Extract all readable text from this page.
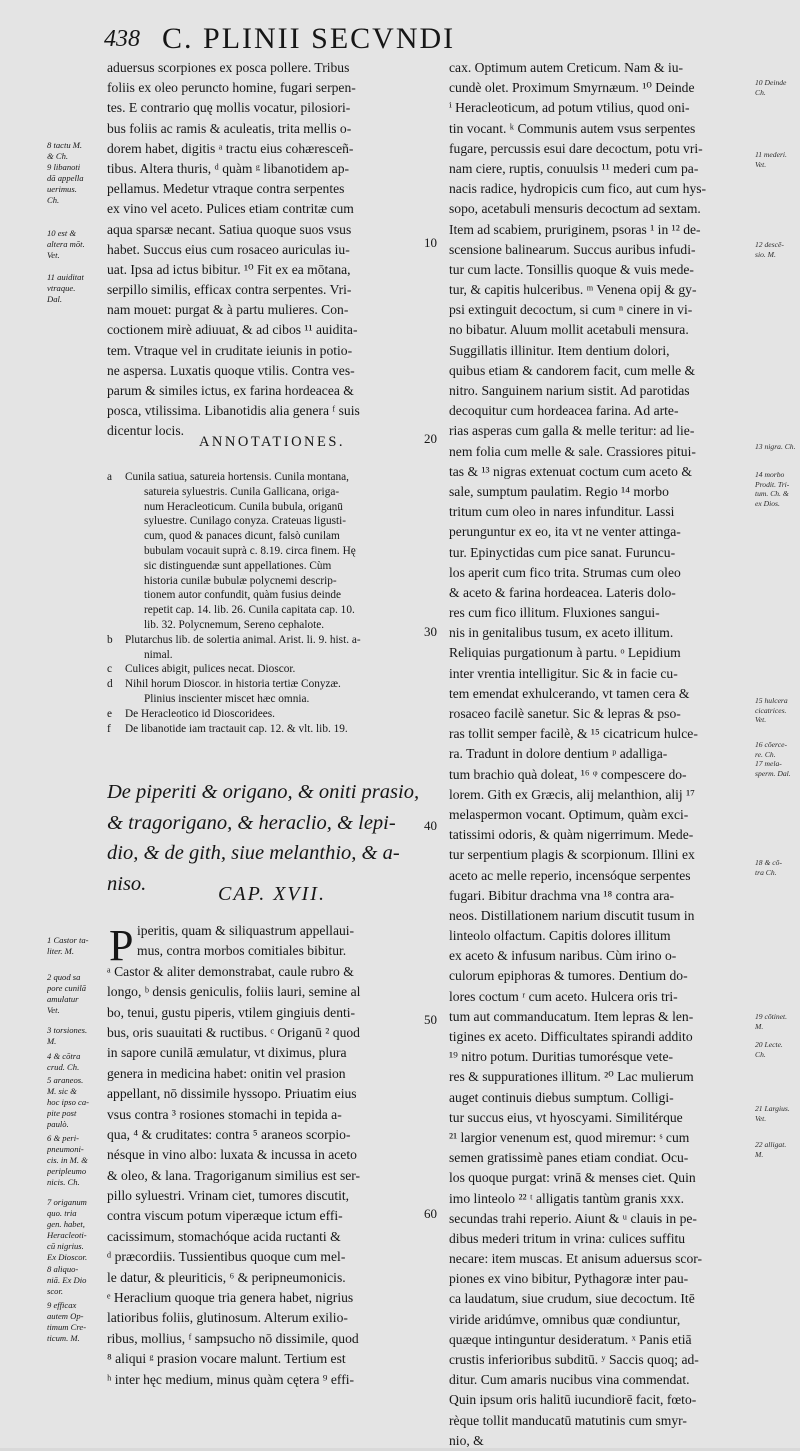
438 C. PLINII SECVNDI
aduersus scorpiones ex posca pollere. Tribus
foliis ex oleo peruncto homine, fugari serpen-
tes. E contrario quę mollis vocatur, pilosiori-
bus foliis ac ramis & aculeatis, trita mellis o-
dorem habet, digitis ᵃ tractu eius cohæresceñ-
tibus. Altera thuris, ᵈ quàm ᵍ libanotidem ap-
pellamus. Medetur vtraque contra serpentes
ex vino vel aceto. Pulices etiam contritæ cum
aqua sparsæ necant. Satiua quoque suos vsus
habet. Succus eius cum rosaceo auriculas iu-
uat. Ipsa ad ictus bibitur. ¹⁰ Fit ex ea mōtana,
serpillo similis, efficax contra serpentes. Vri-
nam mouet: purgat & à partu mulieres. Con-
coctionem mirè adiuuat, & ad cibos ¹¹ auidita-
tem. Vtraque vel in cruditate ieiunis in potio-
ne aspersa. Luxatis quoque vtilis. Contra ves-
parum & similes ictus, ex farina hordeacea &
posca, vtilissima. Libanotidis alia genera ᶠ suis
dicentur locis.
8 tactu M.
& Ch.
9 libanoti
dā appella
uerimus.
Ch.

10 est &
altera mōt.
Vet.

11 auiditat
vtraque.
Dal.
ANNOTATIONES.
a Cunila satiua, satureia hortensis. Cunila montana,
satureia syluestris. Cunila Gallicana, origa-
num Heracleoticum. Cunila bubula, origanū
syluestre. Cunilago conyza. Crateuas ligusti-
cum, quod & panaces dicunt, falsò cunilam
bubulam vocauit suprà c. 8.19. circa finem. Hę
sic distinguendæ sunt appellationes. Cùm
historia cunilæ bubulæ polycnemi descrip-
tionem autor confundit, quàm fusius deinde
repetit cap. 14. lib. 26. Cunila capitata cap. 10.
lib. 32. Polycnemum, Sereno cephalote.
b Plutarchus lib. de solertia animal. Arist. li. 9. hist. a-
nimal.
c Culices abigit, pulices necat. Dioscor.
d Nihil horum Dioscor. in historia tertiæ Conyzæ.
Plinius inscienter miscet hæc omnia.
e De Heracleotico id Dioscoridees.
f De libanotide iam tractauit cap. 12. & vlt. lib. 19.
De piperiti & origano, & oniti prasio,
& tragorigano, & heraclio, & lepi-
dio, & de gith, siue melanthio, & a-
niso.	CAP. XVII.
P iperitis, quam & siliquastrum appellaui-
mus, contra morbos comitiales bibitur.
ᵃ Castor & aliter demonstrabat, caule rubro &
longo, ᵇ densis geniculis, foliis lauri, semine al
bo, tenui, gustu piperis, vtilem gingiuis denti-
bus, oris suauitati & ructibus. ᶜ Origanū ² quod
in sapore cunilā æmulatur, vt diximus, plura
genera in medicina habet: onitin vel prasion
appellant, nō dissimile hyssopo. Priuatim eius
vsus contra ³ rosiones stomachi in tepida a-
qua, ⁴ & cruditates: contra ⁵ araneos scorpio-
nésque in vino albo: luxata & incussa in aceto
& oleo, & lana. Tragoriganum similius est ser-
pillo syluestri. Vrinam ciet, tumores discutit,
contra viscum potum viperæque ictum effi-
cacissimum, stomachóque acida ructanti &
ᵈ præcordiis. Tussientibus quoque cum mel-
le datur, & pleuriticis, ⁶ & peripneumonicis.
ᵉ Heraclium quoque tria genera habet, nigrius
latioribus foliis, glutinosum. Alterum exilio-
ribus, mollius, ᶠ sampsucho nō dissimile, quod
⁸ aliqui ᵍ prasion vocare malunt. Tertium est
ʰ inter hęc medium, minus quàm cętera ⁹ effi-
1 Castor ta-
liter. M.
2 quod sa
pore cunilā
amulatur
Vet.
3 torsiones.
M.
4 & cōtra
crud. Ch.
5 araneos.
M. sic &
hoc ipso ca-
pite post
paulò.
6 & peri-
pneumoni-
cis. in M. &
peripleumo
nicis. Ch.
7 origanum
quo. tria
gen. habet,
Heracleoti-
cū nigrius.
Ex Dioscor.
8 aliquo-
niā. Ex Dio
scor.
9 efficax
autem Op-
timum Cre-
ticum. M.
cax. Optimum autem Creticum. Nam & iu-
cundè olet. Proximum Smyrnæum. ¹⁰ Deinde
ⁱ Heracleoticum, ad potum vtilius, quod oni-
tin vocant. ᵏ Communis autem vsus serpentes
fugare, percussis esui dare decoctum, potu vri-
nam ciere, ruptis, conuulsis ¹¹ mederi cum pa-
nacis radice, hydropicis cum fico, aut cum hys-
sopo, acetabuli mensuris decoctum ad sextam.
Item ad scabiem, pruriginem, psoras ¹ in ¹² de-
scensione balinearum. Succus auribus infudi-
tur cum lacte. Tonsillis quoque & vuis mede-
tur, & capitis hulceribus. ᵐ Venena opij & gy-
psi extinguit decoctum, si cum ⁿ cinere in vi-
no bibatur. Aluum mollit acetabuli mensura.
Suggillatis illinitur. Item dentium dolori,
quibus etiam & candorem facit, cum melle &
nitro. Sanguinem narium sistit. Ad parotidas
decoquitur cum hordeacea farina. Ad arte-
rias asperas cum galla & melle teritur: ad lie-
nem folia cum melle & sale. Crassiores pitui-
tas & ¹³ nigras extenuat coctum cum aceto &
sale, sumptum paulatim. Regio ¹⁴ morbo
tritum cum oleo in nares infunditur. Lassi
perunguntur ex eo, ita vt ne venter attinga-
tur. Epinyctidas cum pice sanat. Furuncu-
los aperit cum fico trita. Strumas cum oleo
& aceto & farina hordeacea. Lateris dolo-
res cum fico illitum. Fluxiones sangui-
nis in genitalibus tusum, ex aceto illitum.
Reliquias purgationum à partu. ᵒ Lepidium
inter vrentia intelligitur. Sic & in facie cu-
tem emendat exhulcerando, vt tamen cera &
rosaceo facilè sanetur. Sic & lepras & pso-
ras tollit semper facilè, & ¹⁵ cicatricum hulce-
ra. Tradunt in dolore dentium ᵖ adalliga-
tum brachio quà doleat, ¹⁶ ᵠ compescere do-
lorem. Gith ex Græcis, alij melanthion, alij ¹⁷
melaspermon vocant. Optimum, quàm exci-
tatissimi odoris, & quàm nigerrimum. Mede-
tur serpentium plagis & scorpionum. Illini ex
aceto ac melle reperio, incensóque serpentes
fugari. Bibitur drachma vna ¹⁸ contra ara-
neos. Distillationem narium discutit tusum in
linteolo olfactum. Capitis dolores illitum
ex aceto & infusum naribus. Cùm irino o-
culorum epiphoras & tumores. Dentium do-
lores coctum ʳ cum aceto. Hulcera oris tri-
tum aut commanducatum. Item lepras & len-
tigines ex aceto. Difficultates spirandi addito
¹⁹ nitro potum. Duritias tumorésque vete-
res & suppurationes illitum. ²⁰ Lac mulierum
auget continuis diebus sumptum. Colligi-
tur succus eius, vt hyoscyami. Similitérque
²¹ largior venenum est, quod miremur: ˢ cum
semen gratissimè panes etiam condiat. Ocu-
los quoque purgat: vrinā & menses ciet. Quin
imo linteolo ²² ᵗ alligatis tantùm granis xxx.
secundas trahi reperio. Aiunt & ᵘ clauis in pe-
dibus mederi tritum in vrina: culices suffitu
necare: item muscas. Et anisum aduersus scor-
piones ex vino bibitur, Pythagoræ inter pau-
ca laudatum, siue crudum, siue decoctum. Itē
viride aridúmve, omnibus quæ condiuntur,
quæque intinguntur desideratum. ˣ Panis etiā
crustis inferioribus subditū. ʸ Saccis quoq; ad-
ditur. Cum amaris nucibus vina commendat.
Quin ipsum oris halitū iucundiorē facit, fœto-
rèque tollit manducatū matutinis cum smyr-
nio, &
10 Deinde
Ch.
11 mederi.
Vet.
12 descē-
sio. M.
13 nigra. Ch.
14 morbo
Prodit. Tri-
tum. Ch. &
ex Dios.
15 hulcera
cicatrices.
Vet.
16 cōerce-
re. Ch.
17 mela-
sperm. Dal.
18 & cō-
tra Ch.
19 cōtinet.
M.
20 Lecte.
Ch.
21 Largius.
Vet.
22 alligat.
M.
10
20
30
40
50
60
